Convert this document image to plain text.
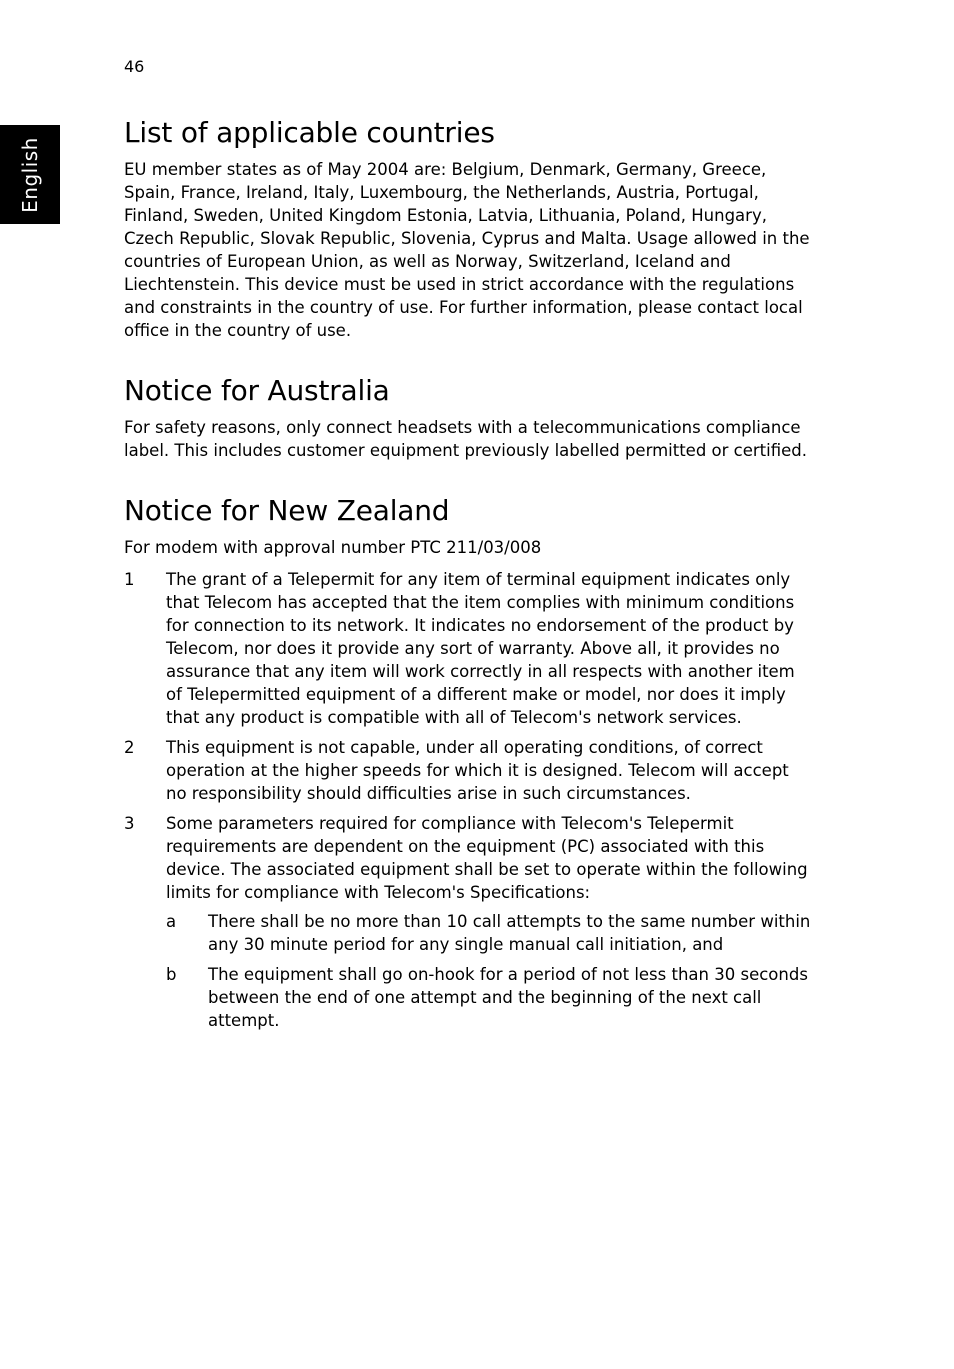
46
English
List of applicable countries

EU member states as of May 2004 are: Belgium, Denmark, Germany, Greece, Spain, France, Ireland, Italy, Luxembourg, the Netherlands, Austria, Portugal, Finland, Sweden, United Kingdom Estonia, Latvia, Lithuania, Poland, Hungary, Czech Republic, Slovak Republic, Slovenia, Cyprus and Malta. Usage allowed in the countries of European Union, as well as Norway, Switzerland, Iceland and Liechtenstein. This device must be used in strict accordance with the regulations and constraints in the country of use. For further information, please contact local office in the country of use.

Notice for Australia

For safety reasons, only connect headsets with a telecommunications compliance label. This includes customer equipment previously labelled permitted or certified.

Notice for New Zealand

For modem with approval number PTC 211/03/008

1	The grant of a Telepermit for any item of terminal equipment indicates only that Telecom has accepted that the item complies with minimum conditions for connection to its network. It indicates no endorsement of the product by Telecom, nor does it provide any sort of warranty. Above all, it provides no assurance that any item will work correctly in all respects with another item of Telepermitted equipment of a different make or model, nor does it imply that any product is compatible with all of Telecom's network services.

2	This equipment is not capable, under all operating conditions, of correct operation at the higher speeds for which it is designed. Telecom will accept no responsibility should difficulties arise in such circumstances.

3	Some parameters required for compliance with Telecom's Telepermit requirements are dependent on the equipment (PC) associated with this device. The associated equipment shall be set to operate within the following limits for compliance with Telecom's Specifications:

a	There shall be no more than 10 call attempts to the same number within any 30 minute period for any single manual call initiation, and

b	The equipment shall go on-hook for a period of not less than 30 seconds between the end of one attempt and the beginning of the next call attempt.
